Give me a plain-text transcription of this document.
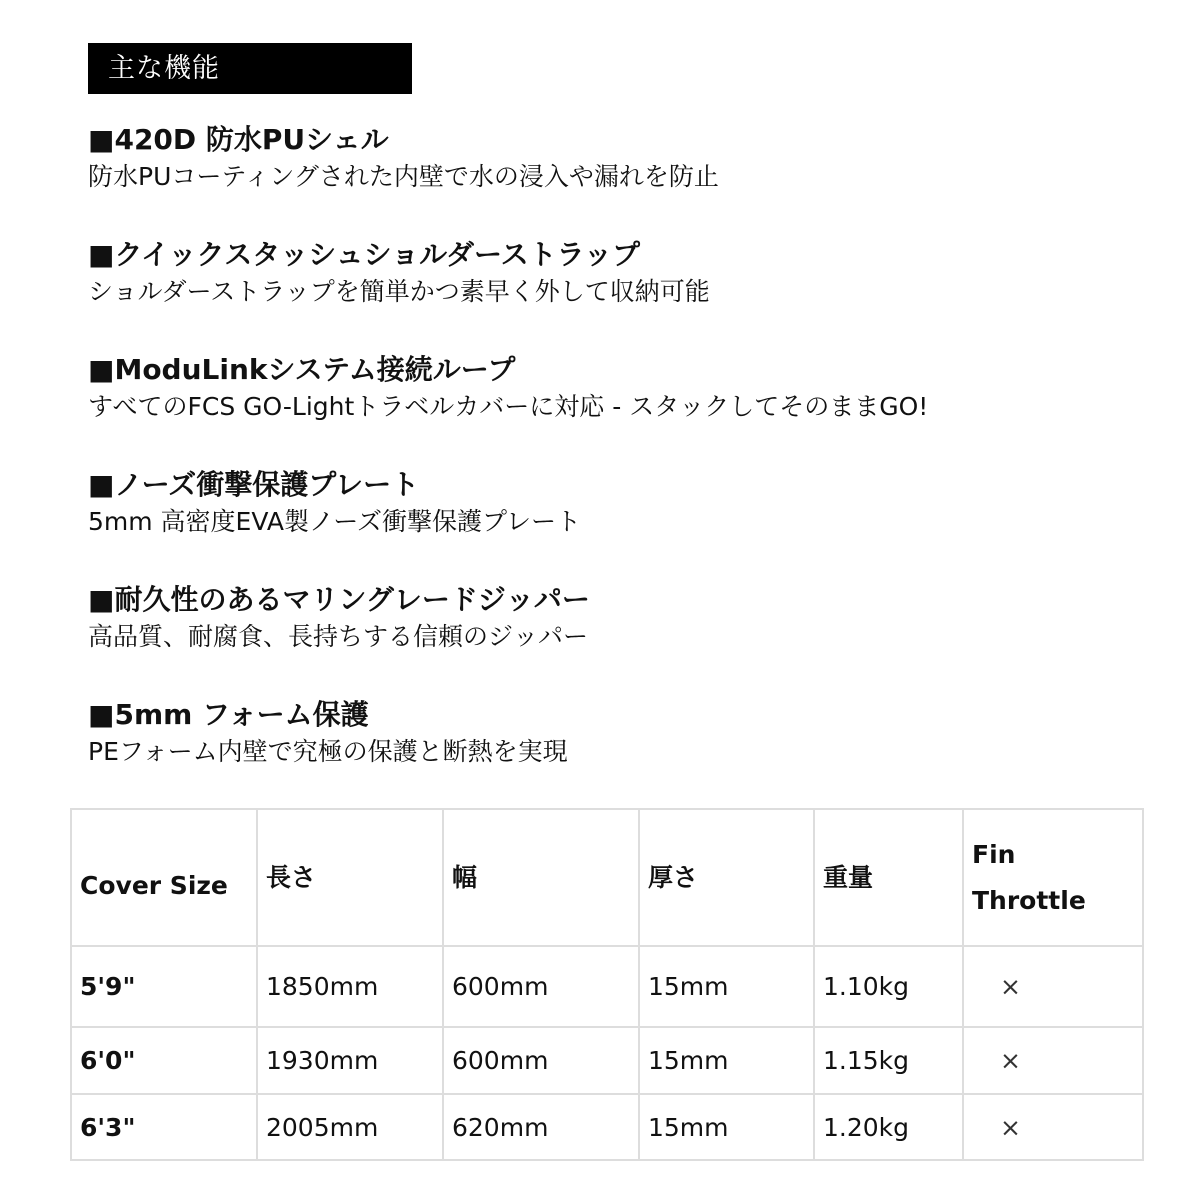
主な機能
■420D 防水PUシェル
防水PUコーティングされた内壁で水の浸入や漏れを防止
■クイックスタッシュショルダーストラップ
ショルダーストラップを簡単かつ素早く外して収納可能
■ModuLinkシステム接続ループ
すべてのFCS GO-Lightトラベルカバーに対応 - スタックしてそのままGO!
■ノーズ衝撃保護プレート
5mm 高密度EVA製ノーズ衝撃保護プレート
■耐久性のあるマリングレードジッパー
高品質、耐腐食、長持ちする信頼のジッパー
■5mm フォーム保護
PEフォーム内壁で究極の保護と断熱を実現
Cover Size	長さ	幅	厚さ	重量	Fin
Throttle

5'9"	1850mm	600mm	15mm	1.10kg	×
6'0"	1930mm	600mm	15mm	1.15kg	×
6'3"	2005mm	620mm	15mm	1.20kg	×
